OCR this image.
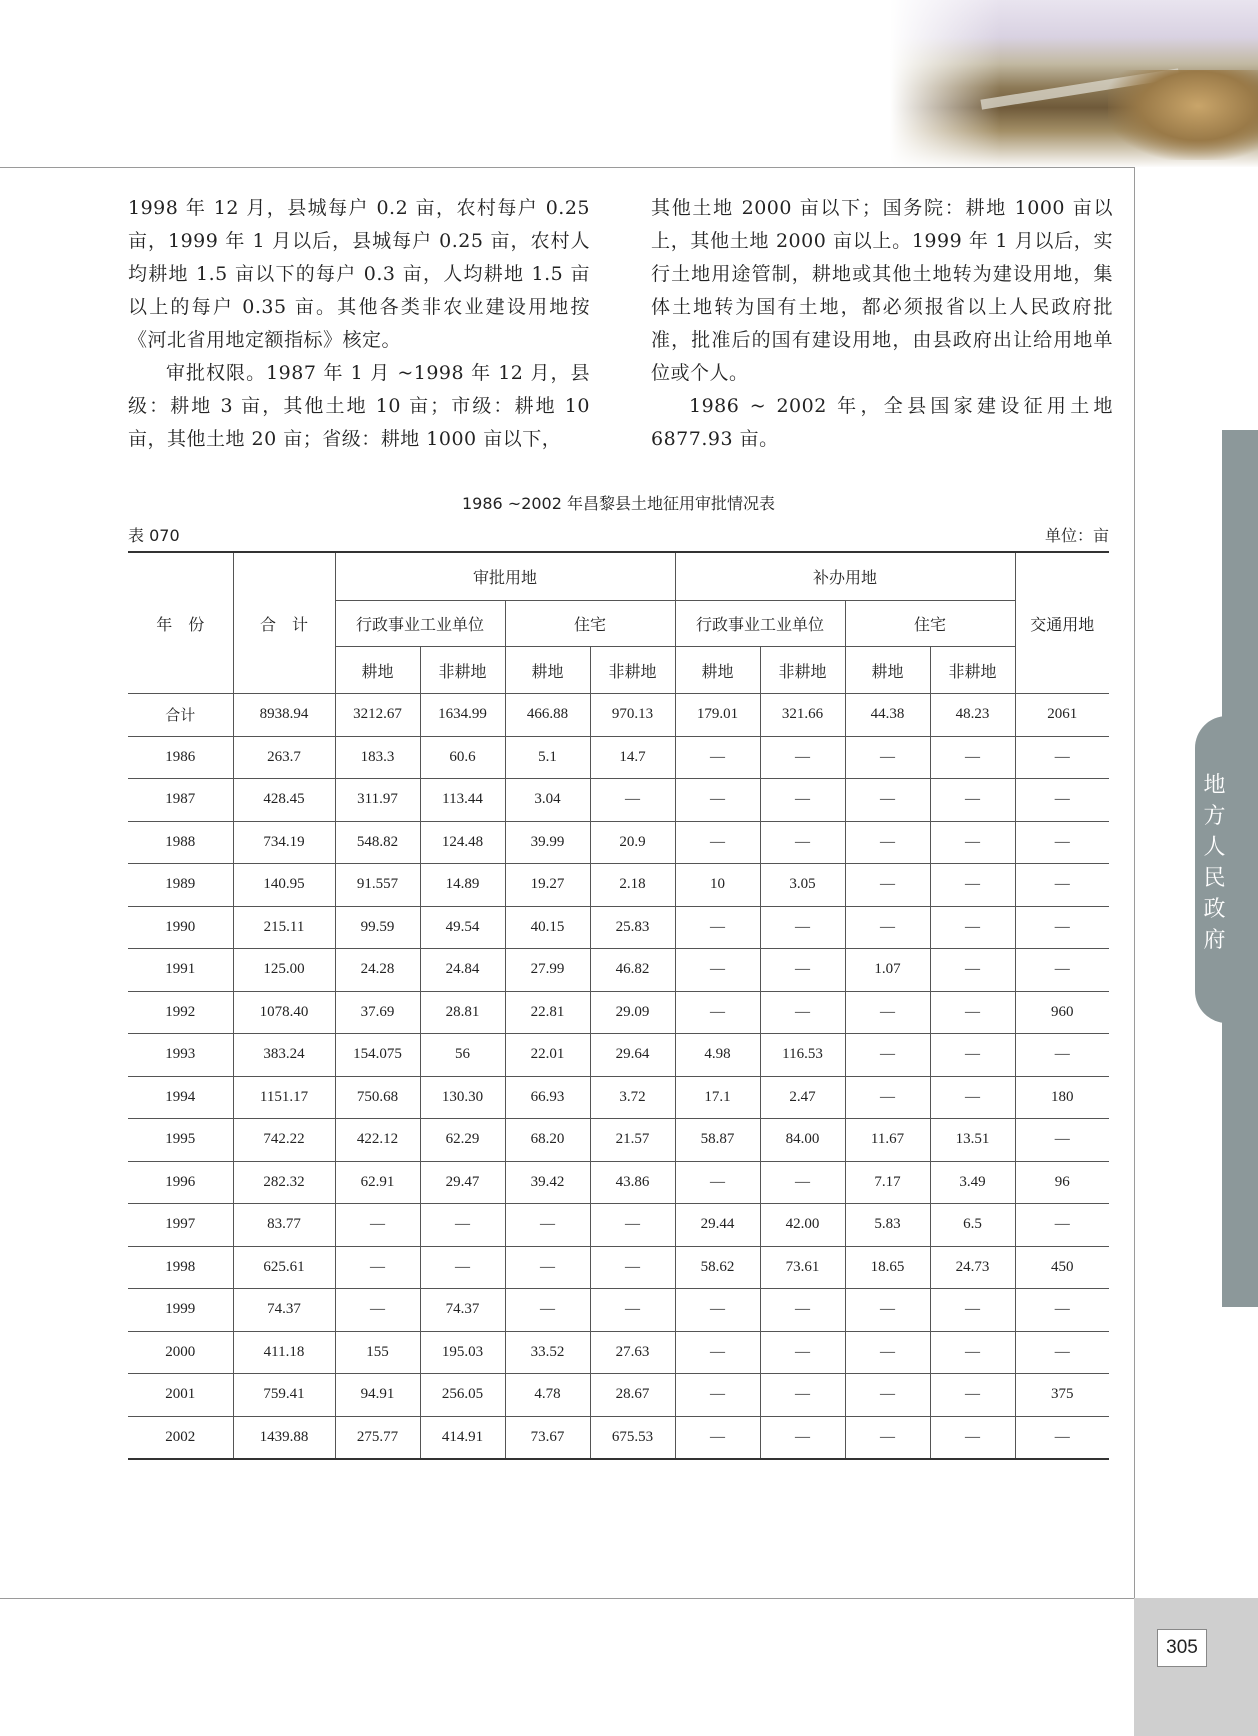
地方人民政府
305

1998 年 12 月，县城每户 0.2 亩，农村每户 0.25 亩，1999 年 1 月以后，县城每户 0.25 亩，农村人均耕地 1.5 亩以下的每户 0.3 亩，人均耕地 1.5 亩以上的每户 0.35 亩。其他各类非农业建设用地按《河北省用地定额指标》核定。

审批权限。1987 年 1 月 ~1998 年 12 月，县级：耕地 3 亩，其他土地 10 亩；市级：耕地 10 亩，其他土地 20 亩；省级：耕地 1000 亩以下，

其他土地 2000 亩以下；国务院：耕地 1000 亩以上，其他土地 2000 亩以上。1999 年 1 月以后，实行土地用途管制，耕地或其他土地转为建设用地，集体土地转为国有土地，都必须报省以上人民政府批准，批准后的国有建设用地，由县政府出让给用地单位或个人。

1986 ~ 2002 年，全县国家建设征用土地 6877.93 亩。

1986 ~2002 年昌黎县土地征用审批情况表
表 070	单位：亩
年　份	合　计	审批用地				补办用地				交通用地
		行政事业工业单位		住宅		行政事业工业单位		住宅		
		耕地	非耕地	耕地	非耕地	耕地	非耕地	耕地	非耕地	
合计	8938.94	3212.67	1634.99	466.88	970.13	179.01	321.66	44.38	48.23	2061
1986	263.7	183.3	60.6	5.1	14.7	—	—	—	—	—
1987	428.45	311.97	113.44	3.04	—	—	—	—	—	—
1988	734.19	548.82	124.48	39.99	20.9	—	—	—	—	—
1989	140.95	91.557	14.89	19.27	2.18	10	3.05	—	—	—
1990	215.11	99.59	49.54	40.15	25.83	—	—	—	—	—
1991	125.00	24.28	24.84	27.99	46.82	—	—	1.07	—	—
1992	1078.40	37.69	28.81	22.81	29.09	—	—	—	—	960
1993	383.24	154.075	56	22.01	29.64	4.98	116.53	—	—	—
1994	1151.17	750.68	130.30	66.93	3.72	17.1	2.47	—	—	180
1995	742.22	422.12	62.29	68.20	21.57	58.87	84.00	11.67	13.51	—
1996	282.32	62.91	29.47	39.42	43.86	—	—	7.17	3.49	96
1997	83.77	—	—	—	—	29.44	42.00	5.83	6.5	—
1998	625.61	—	—	—	—	58.62	73.61	18.65	24.73	450
1999	74.37	—	74.37	—	—	—	—	—	—	—
2000	411.18	155	195.03	33.52	27.63	—	—	—	—	—
2001	759.41	94.91	256.05	4.78	28.67	—	—	—	—	375
2002	1439.88	275.77	414.91	73.67	675.53	—	—	—	—	—
